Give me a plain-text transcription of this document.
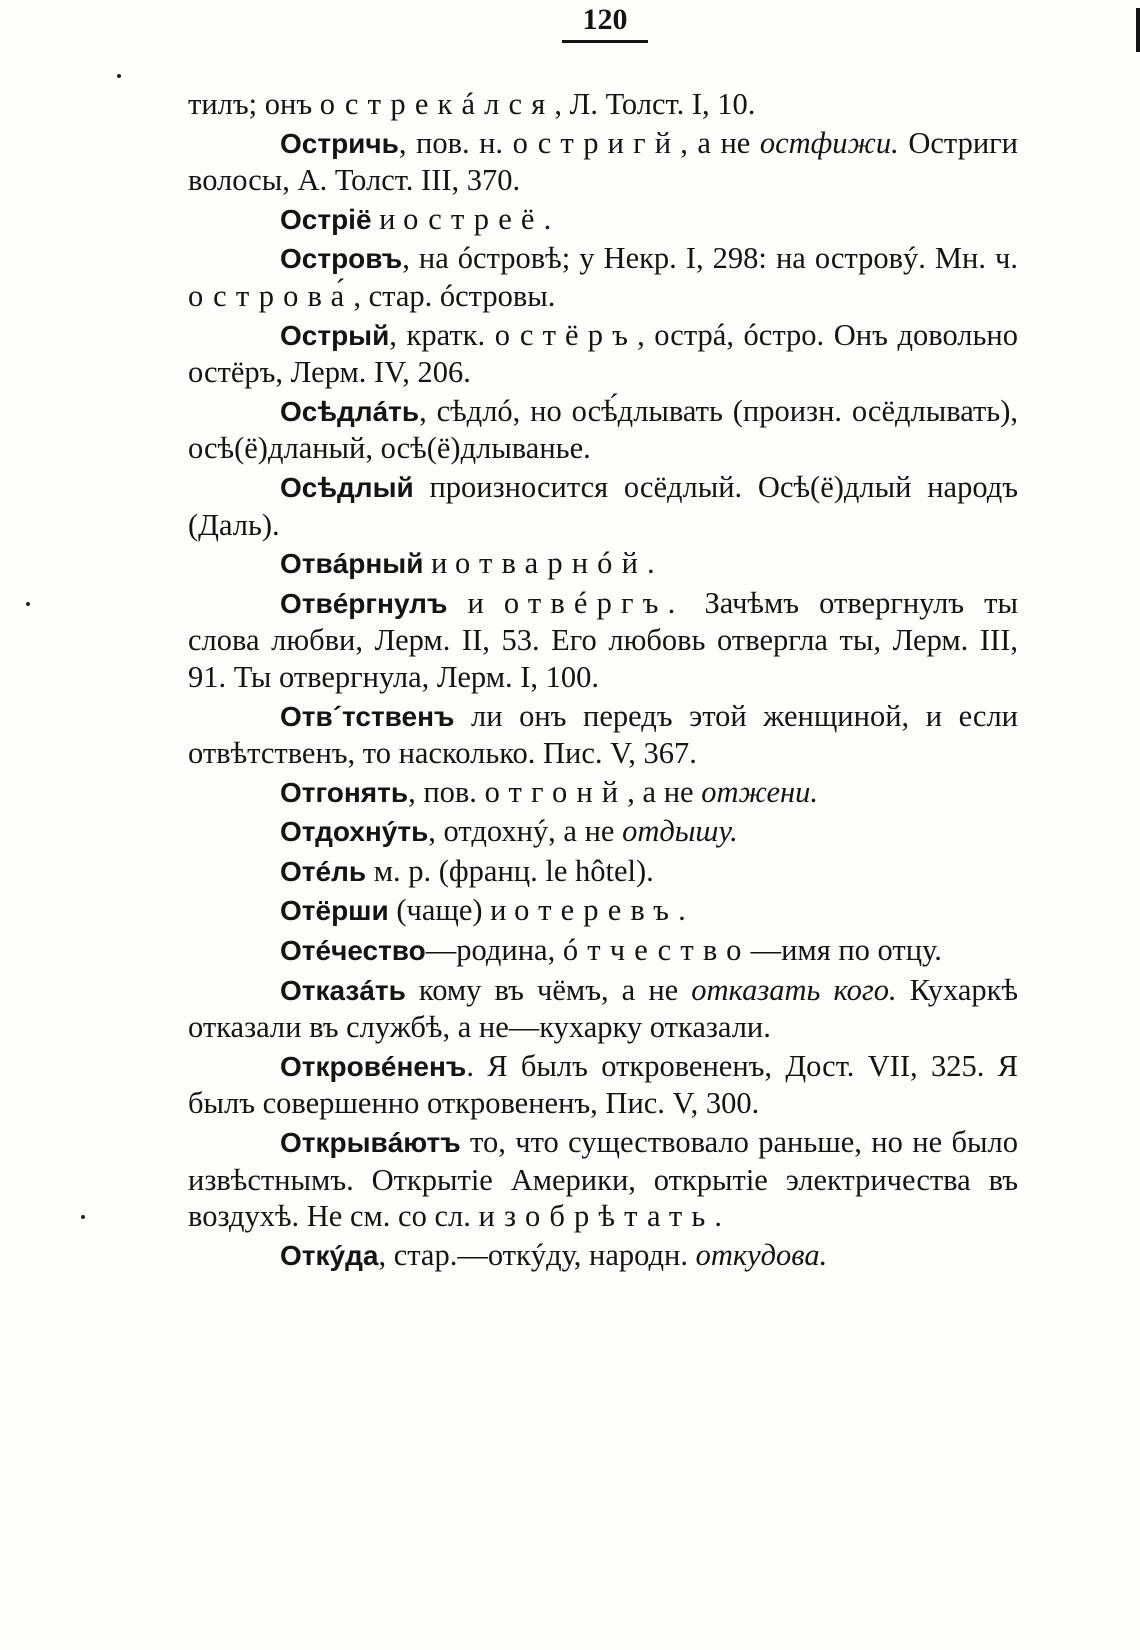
120

тилъ; онъ острекáлся, Л. Толст. I, 10.

Остричь, пов. н. остригй, а не остфижи. Остриги волосы, А. Толст. III, 370.

Остріё и остреё.

Островъ, на óстровѣ; у Некр. I, 298: на островý. Мн. ч. острова́, стар. óстровы.

Острый, кратк. остёръ, острá, óстро. Онъ довольно остёръ, Лерм. IV, 206.

Осѣдлáть, сѣдлó, но осѣ́длывать (произн. осёдлывать), осѣ(ё)дланый, осѣ(ё)длыванье.

Осѣдлый произносится осёдлый. Осѣ(ё)длый народъ (Даль).

Отвáрный и отварнóй.

Отвéргнулъ и отвéргъ. Зачѣмъ отвергнулъ ты слова любви, Лерм. II, 53. Его любовь отвергла ты, Лерм. III, 91. Ты отвергнула, Лерм. I, 100.

Отв´тственъ ли онъ передъ этой женщиной, и если отвѣтственъ, то насколько. Пис. V, 367.

Отгонять, пов. отгонй, а не отжени.

Отдохнýть, отдохнý, а не отдышу.

Отéль м. р. (франц. le hôtel).

Отёрши (чаще) и отеревъ.

Отéчество—родина, óтчество—имя по отцу.

Отказáть кому въ чёмъ, а не отказать кого. Кухаркѣ отказали въ службѣ, а не—кухарку отказали.

Откровéненъ. Я былъ откровененъ, Дост. VII, 325. Я былъ совершенно откровененъ, Пис. V, 300.

Открывáютъ то, что существовало раньше, но не было извѣстнымъ. Открытіе Америки, открытіе электричества въ воздухѣ. Не см. со сл. изобрѣтать.

Откýда, стар.—откýду, народн. откудова.
